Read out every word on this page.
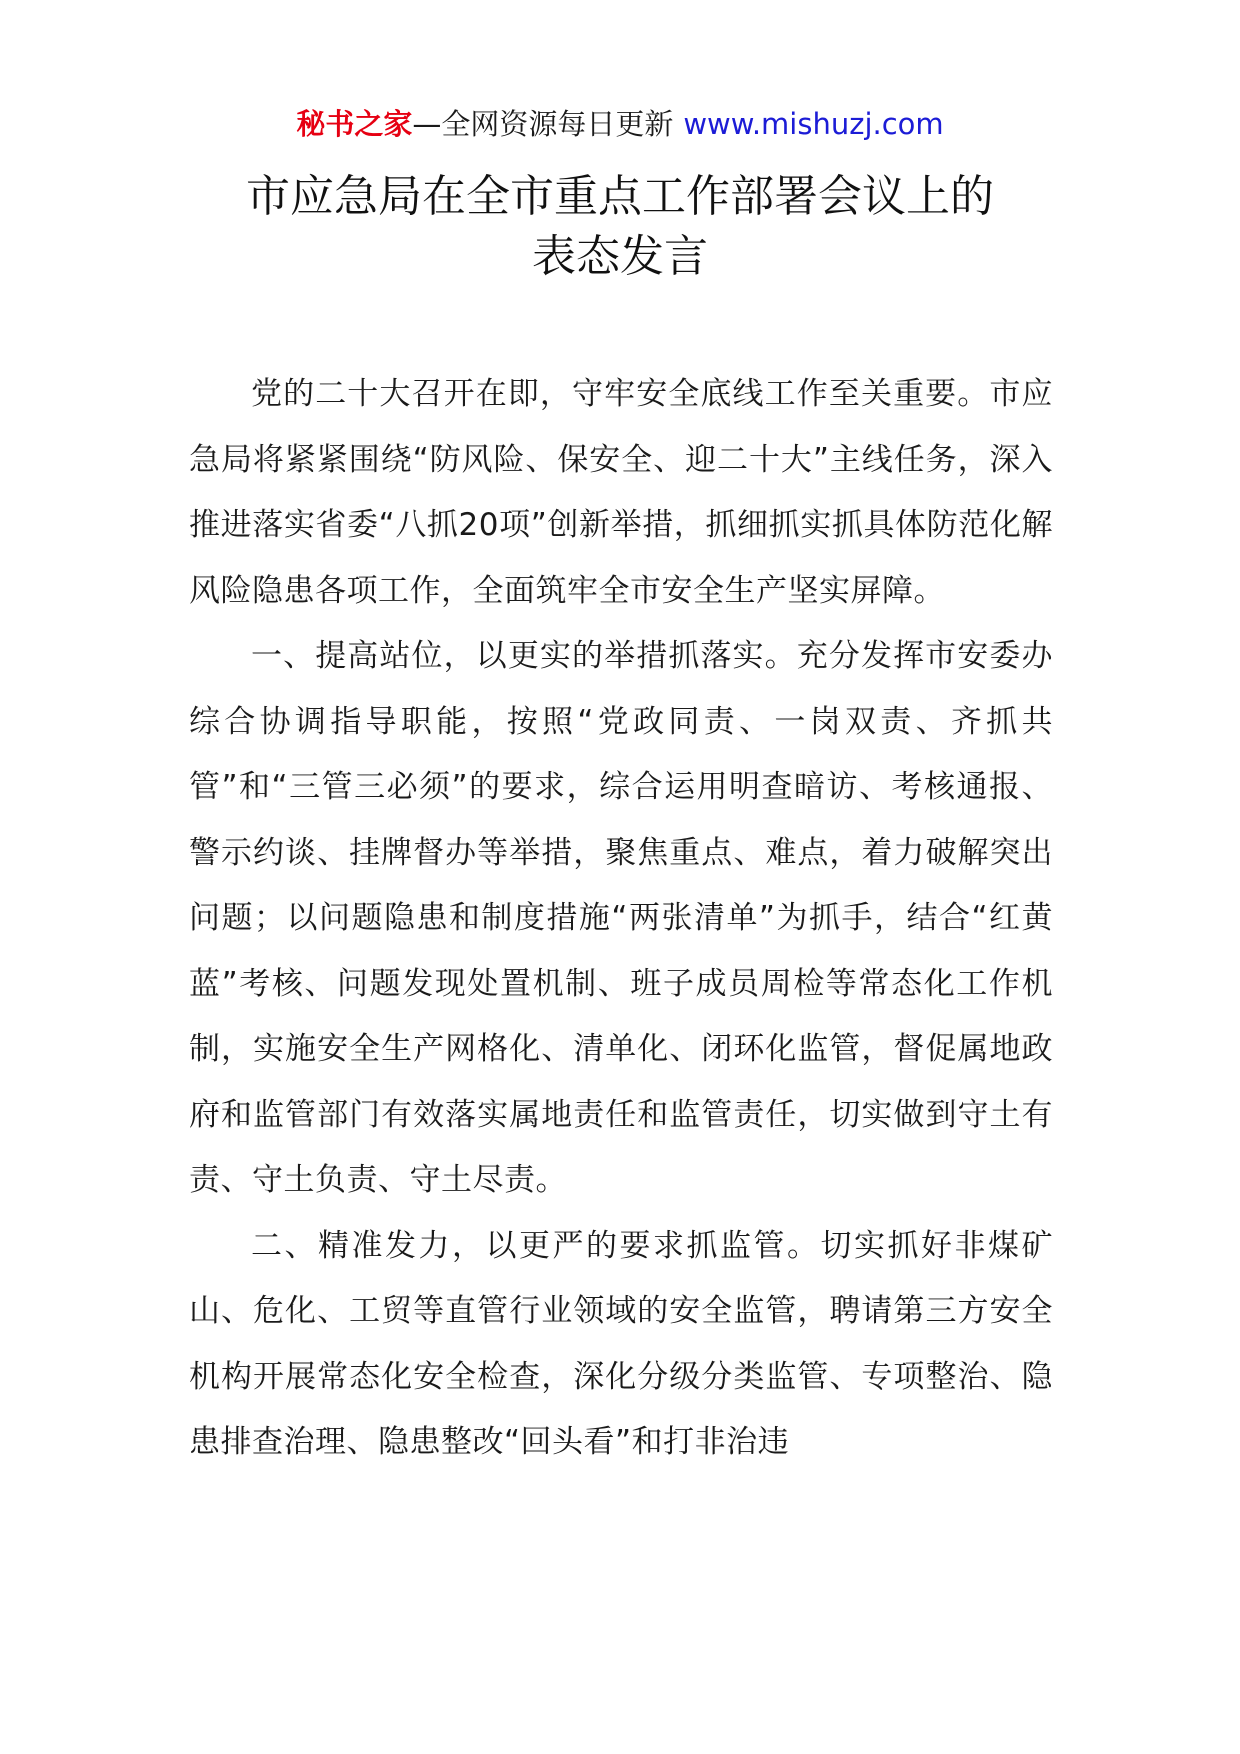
秘书之家—全网资源每日更新 www.mishuzj.com
市应急局在全市重点工作部署会议上的
表态发言

党的二十大召开在即，守牢安全底线工作至关重要。市应急局将紧紧围绕“防风险、保安全、迎二十大”主线任务，深入推进落实省委“八抓20项”创新举措，抓细抓实抓具体防范化解风险隐患各项工作，全面筑牢全市安全生产坚实屏障。

一、提高站位，以更实的举措抓落实。充分发挥市安委办综合协调指导职能，按照“党政同责、一岗双责、齐抓共管”和“三管三必须”的要求，综合运用明查暗访、考核通报、警示约谈、挂牌督办等举措，聚焦重点、难点，着力破解突出问题；以问题隐患和制度措施“两张清单”为抓手，结合“红黄蓝”考核、问题发现处置机制、班子成员周检等常态化工作机制，实施安全生产网格化、清单化、闭环化监管，督促属地政府和监管部门有效落实属地责任和监管责任，切实做到守土有责、守土负责、守土尽责。

二、精准发力，以更严的要求抓监管。切实抓好非煤矿山、危化、工贸等直管行业领域的安全监管，聘请第三方安全机构开展常态化安全检查，深化分级分类监管、专项整治、隐患排查治理、隐患整改“回头看”和打非治违
